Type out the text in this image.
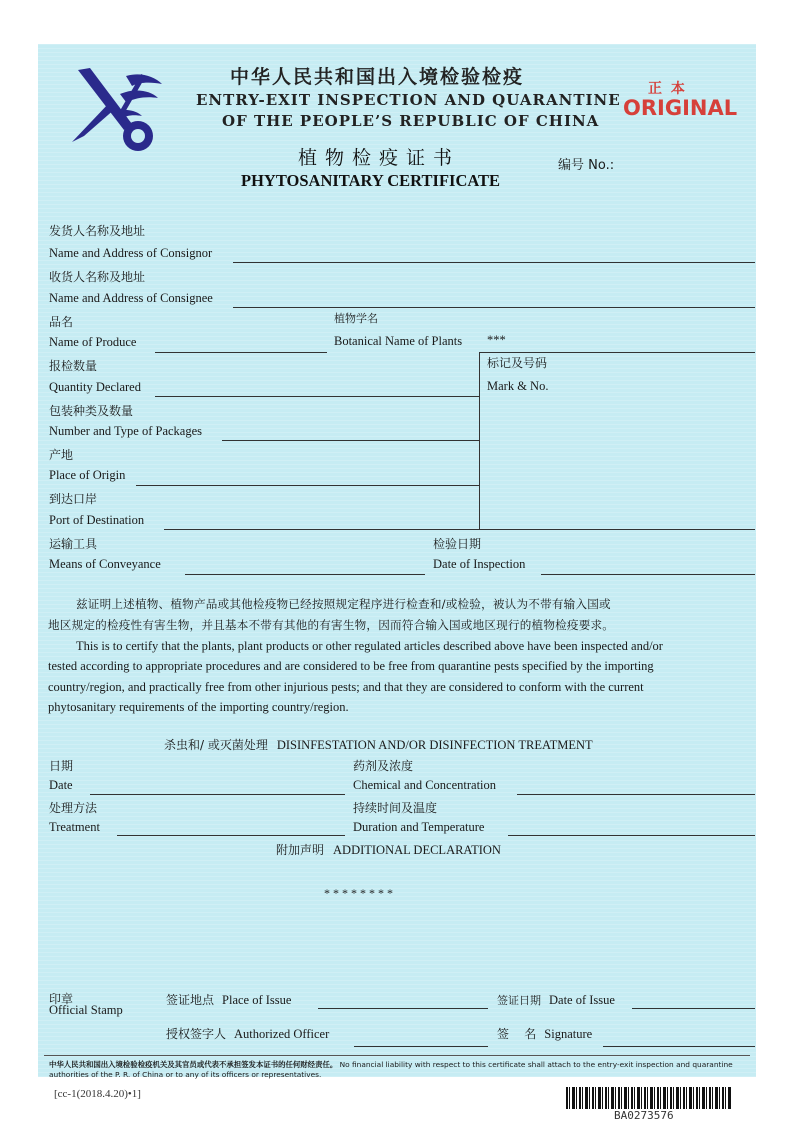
中华人民共和国出入境检验检疫
ENTRY-EXIT INSPECTION AND QUARANTINE
OF THE PEOPLE’S REPUBLIC OF CHINA
正 本
ORIGINAL
植物检疫证书
PHYTOSANITARY CERTIFICATE
编号 No.:
发货人名称及地址
Name and Address of Consignor
收货人名称及地址
Name and Address of Consignee
品名
Name of Produce
植物学名
Botanical Name of Plants ***
报检数量
Quantity Declared
标记及号码
Mark & No.
包装种类及数量
Number and Type of Packages
产地
Place of Origin
到达口岸
Port of Destination
运输工具
Means of Conveyance
检验日期
Date of Inspection
兹证明上述植物、植物产品或其他检疫物已经按照规定程序进行检查和/或检验，被认为不带有输入国或
地区规定的检疫性有害生物，并且基本不带有其他的有害生物，因而符合输入国或地区现行的植物检疫要求。
This is to certify that the plants, plant products or other regulated articles described above have been inspected and/or
tested according to appropriate procedures and are considered to be free from quarantine pests specified by the importing
country/region, and practically free from other injurious pests; and that they are considered to conform with the current
phytosanitary requirements of the importing country/region.
杀虫和/ 或灭菌处理 DISINFESTATION AND/OR DISINFECTION TREATMENT
日期
Date
药剂及浓度
Chemical and Concentration
处理方法
Treatment
持续时间及温度
Duration and Temperature
附加声明 ADDITIONAL DECLARATION
* * * * * * * *
印章
Official Stamp
签证地点 Place of Issue	签证日期 Date of Issue
授权签字人 Authorized Officer	签    名 Signature
中华人民共和国出入境检验检疫机关及其官员或代表不承担签发本证书的任何财经责任。 No financial liability with respect to this certificate shall attach to the entry-exit inspection and quarantine
authorities of the P. R. of China or to any of its officers or representatives.
[cc-1(2018.4.20)•1]
BA0273576
